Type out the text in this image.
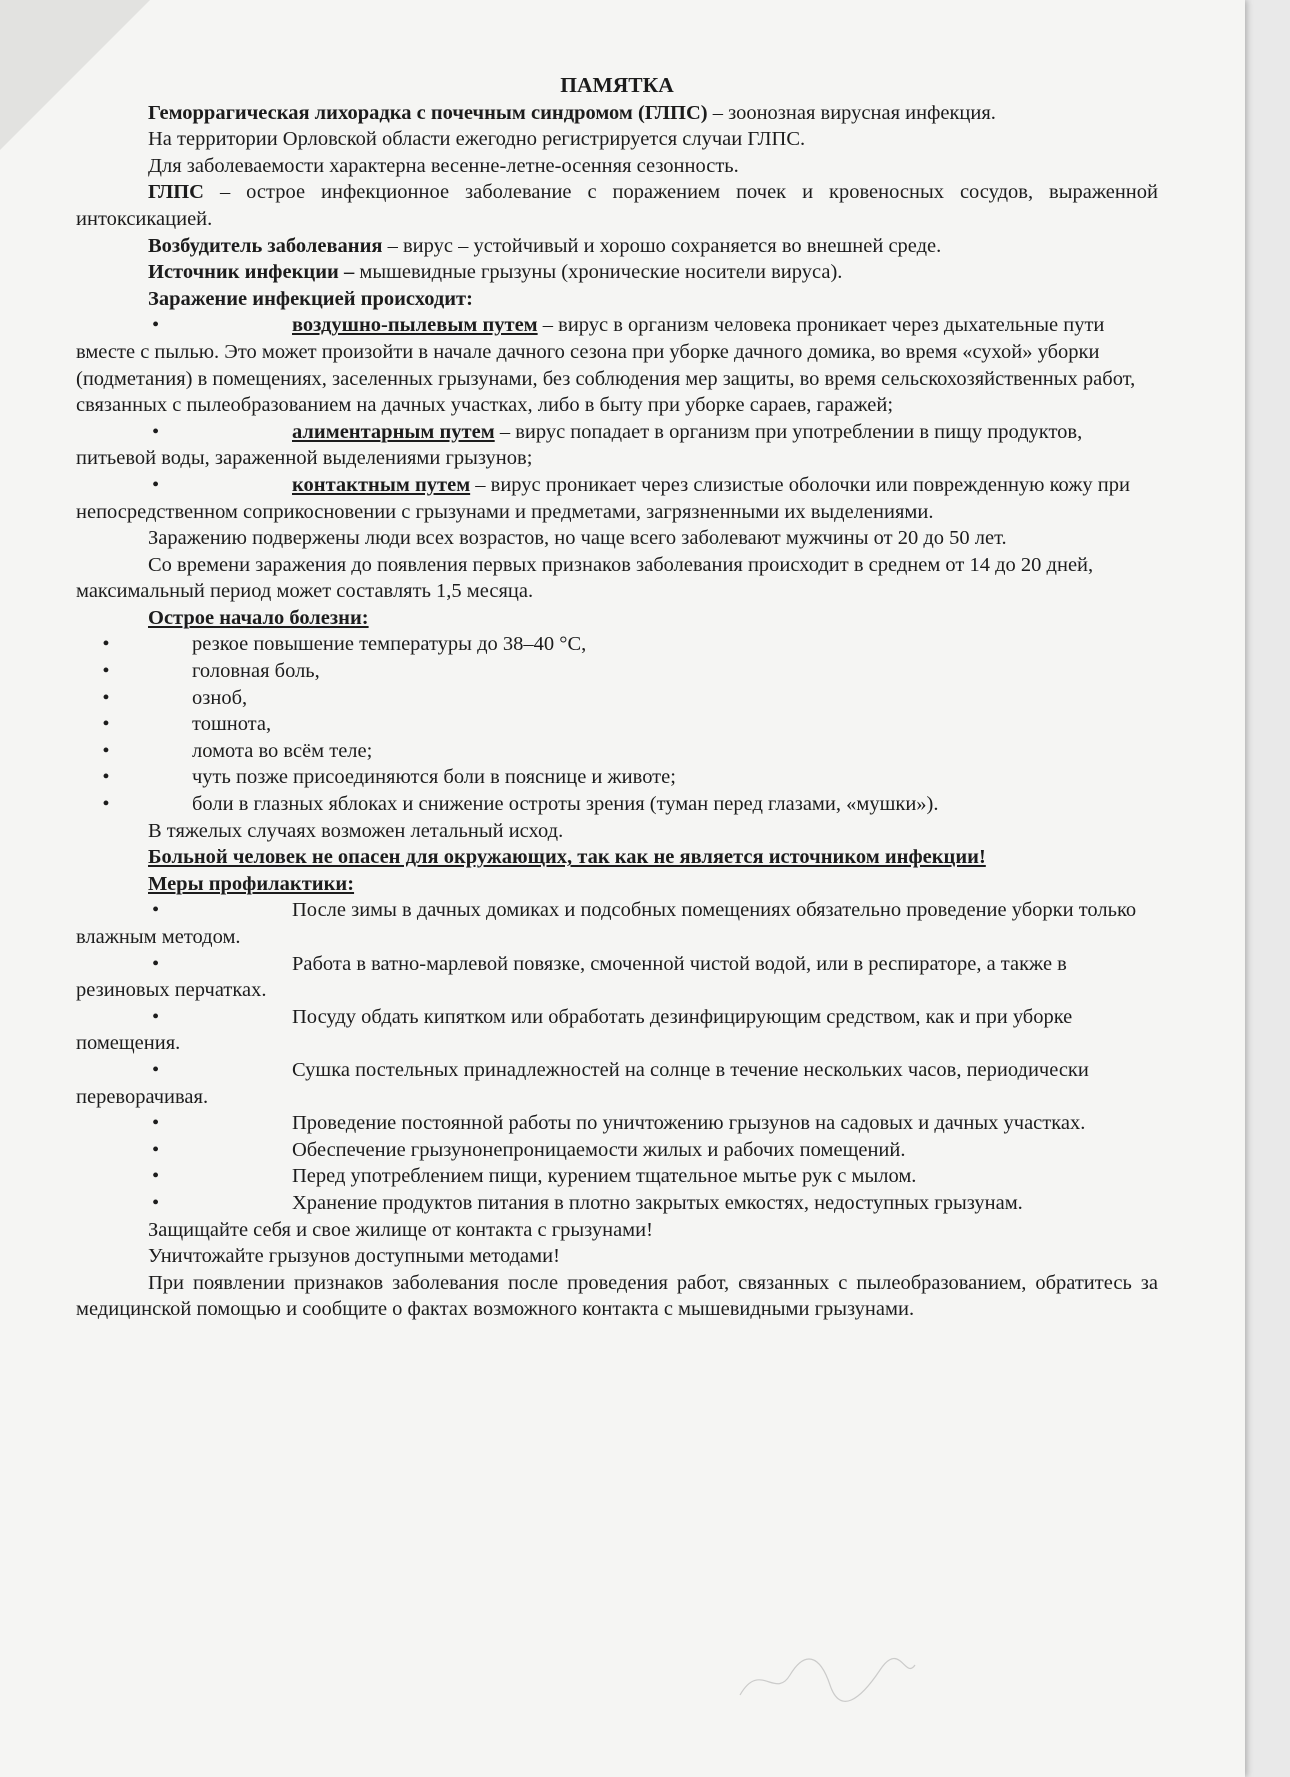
ПАМЯТКА

Геморрагическая лихорадка с почечным синдромом (ГЛПС) – зоонозная вирусная инфекция.

На территории Орловской области ежегодно регистрируется случаи ГЛПС.

Для заболеваемости характерна весенне-летне-осенняя сезонность.

ГЛПС – острое инфекционное заболевание с поражением почек и кровеносных сосудов, выраженной интоксикацией.

Возбудитель заболевания – вирус – устойчивый и хорошо сохраняется во внешней среде.

Источник инфекции – мышевидные грызуны (хронические носители вируса).

Заражение инфекцией происходит:

•	воздушно-пылевым путем – вирус в организм человека проникает через дыхательные пути вместе с пылью. Это может произойти в начале дачного сезона при уборке дачного домика, во время «сухой» уборки (подметания) в помещениях, заселенных грызунами, без соблюдения мер защиты, во время сельскохозяйственных работ, связанных с пылеобразованием на дачных участках, либо в быту при уборке сараев, гаражей;

•	алиментарным путем – вирус попадает в организм при употреблении в пищу продуктов, питьевой воды, зараженной выделениями грызунов;

•	контактным путем – вирус проникает через слизистые оболочки или поврежденную кожу при непосредственном соприкосновении с грызунами и предметами, загрязненными их выделениями.

Заражению подвержены люди всех возрастов, но чаще всего заболевают мужчины от 20 до 50 лет.

Со времени заражения до появления первых признаков заболевания происходит в среднем от 14 до 20 дней, максимальный период может составлять 1,5 месяца.

Острое начало болезни:

•	резкое повышение температуры до 38–40 °С,
•	головная боль,
•	озноб,
•	тошнота,
•	ломота во всём теле;
•	чуть позже присоединяются боли в пояснице и животе;
•	боли в глазных яблоках и снижение остроты зрения (туман перед глазами, «мушки»).

В тяжелых случаях возможен летальный исход.

Больной человек не опасен для окружающих, так как не является источником инфекции!

Меры профилактики:

•	После зимы в дачных домиках и подсобных помещениях обязательно проведение уборки только влажным методом.

•	Работа в ватно-марлевой повязке, смоченной чистой водой, или в респираторе, а также в резиновых перчатках.

•	Посуду обдать кипятком или обработать дезинфицирующим средством, как и при уборке помещения.

•	Сушка постельных принадлежностей на солнце в течение нескольких часов, периодически переворачивая.

•	Проведение постоянной работы по уничтожению грызунов на садовых и дачных участках.

•	Обеспечение грызунонепроницаемости жилых и рабочих помещений.

•	Перед употреблением пищи, курением тщательное мытье рук с мылом.

•	Хранение продуктов питания в плотно закрытых емкостях, недоступных грызунам.

Защищайте себя и свое жилище от контакта с грызунами!

Уничтожайте грызунов доступными методами!

При появлении признаков заболевания после проведения работ, связанных с пылеобразованием, обратитесь за медицинской помощью и сообщите о фактах возможного контакта с мышевидными грызунами.
